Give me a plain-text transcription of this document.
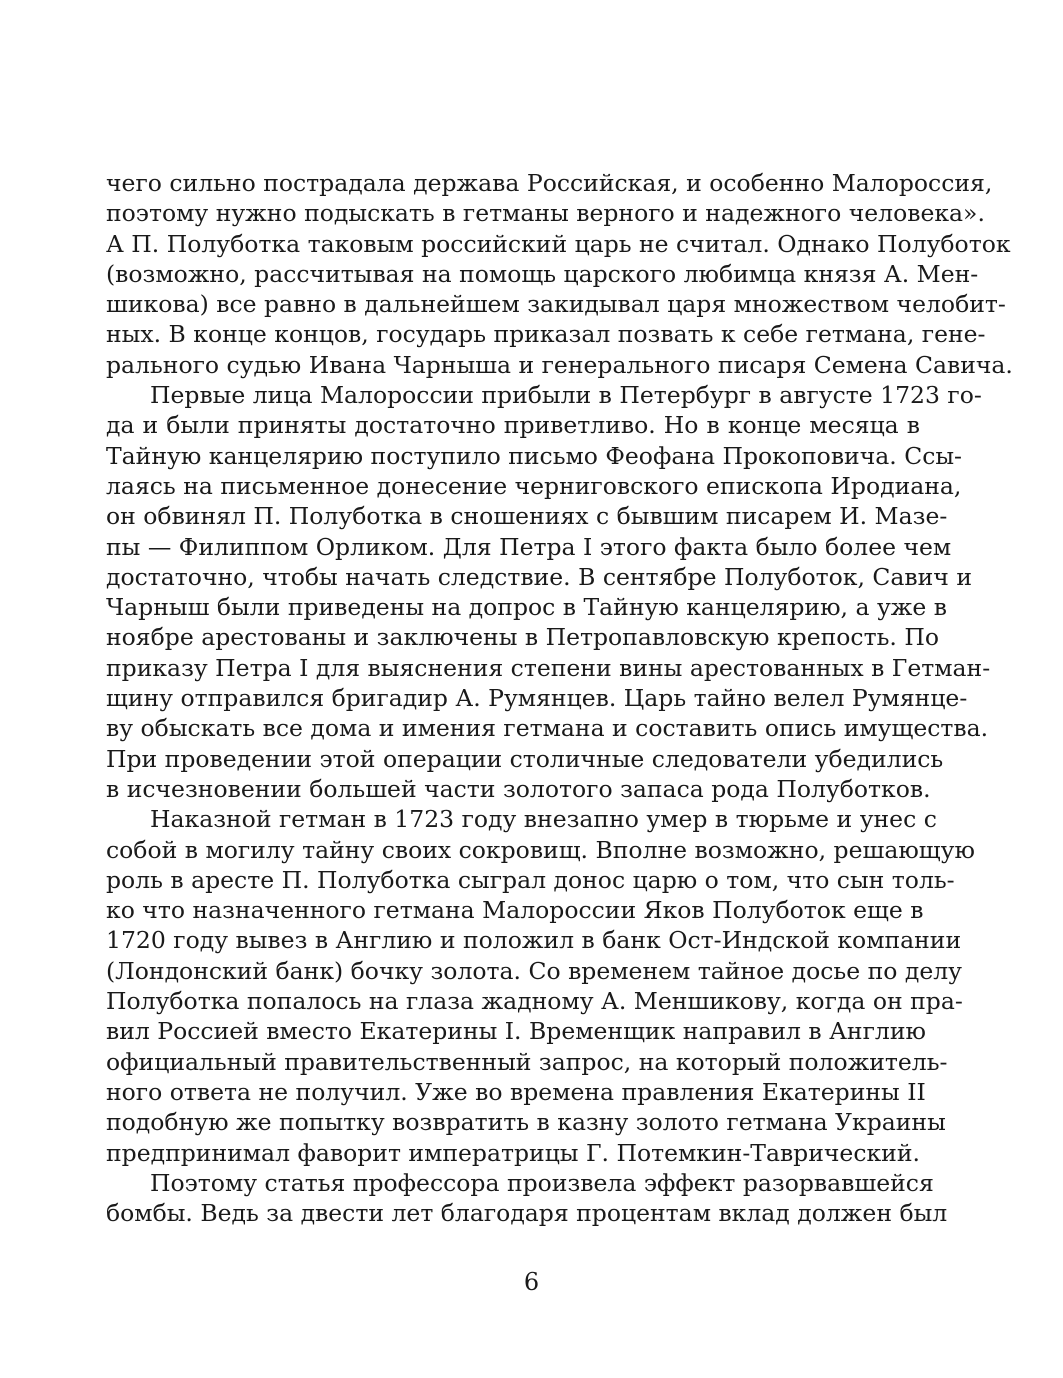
чего сильно пострадала держава Российская, и особенно Малороссия,
поэтому нужно подыскать в гетманы верного и надежного человека».
А П. Полуботка таковым российский царь не считал. Однако Полуботок
(возможно, рассчитывая на помощь царского любимца князя А. Мен-
шикова) все равно в дальнейшем закидывал царя множеством челобит-
ных. В конце концов, государь приказал позвать к себе гетмана, гене-
рального судью Ивана Чарныша и генерального писаря Семена Савича.
Первые лица Малороссии прибыли в Петербург в августе 1723 го-
да и были приняты достаточно приветливо. Но в конце месяца в
Тайную канцелярию поступило письмо Феофана Прокоповича. Ссы-
лаясь на письменное донесение черниговского епископа Иродиана,
он обвинял П. Полуботка в сношениях с бывшим писарем И. Мазе-
пы — Филиппом Орликом. Для Петра I этого факта было более чем
достаточно, чтобы начать следствие. В сентябре Полуботок, Савич и
Чарныш были приведены на допрос в Тайную канцелярию, а уже в
ноябре арестованы и заключены в Петропавловскую крепость. По
приказу Петра I для выяснения степени вины арестованных в Гетман-
щину отправился бригадир А. Румянцев. Царь тайно велел Румянце-
ву обыскать все дома и имения гетмана и составить опись имущества.
При проведении этой операции столичные следователи убедились
в исчезновении большей части золотого запаса рода Полуботков.
Наказной гетман в 1723 году внезапно умер в тюрьме и унес с
собой в могилу тайну своих сокровищ. Вполне возможно, решающую
роль в аресте П. Полуботка сыграл донос царю о том, что сын толь-
ко что назначенного гетмана Малороссии Яков Полуботок еще в
1720 году вывез в Англию и положил в банк Ост-Индской компании
(Лондонский банк) бочку золота. Со временем тайное досье по делу
Полуботка попалось на глаза жадному А. Меншикову, когда он пра-
вил Россией вместо Екатерины I. Временщик направил в Англию
официальный правительственный запрос, на который положитель-
ного ответа не получил. Уже во времена правления Екатерины II
подобную же попытку возвратить в казну золото гетмана Украины
предпринимал фаворит императрицы Г. Потемкин-Таврический.
Поэтому статья профессора произвела эффект разорвавшейся
бомбы. Ведь за двести лет благодаря процентам вклад должен был
6
